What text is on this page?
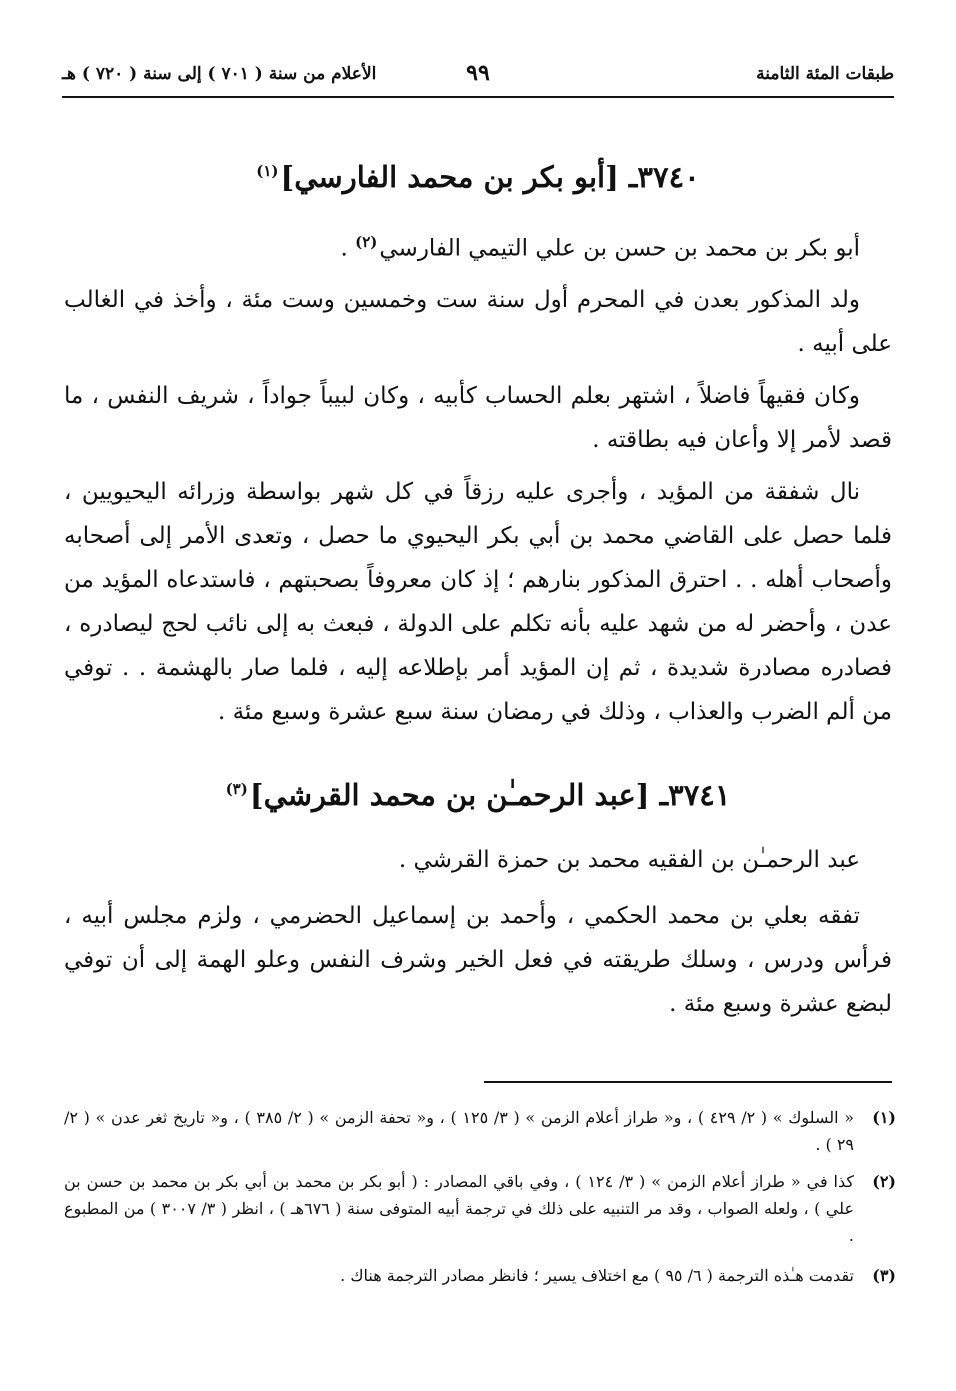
طبقات المئة الثامنة
٩٩
الأعلام من سنة ( ٧٠١ ) إلى سنة ( ٧٢٠ ) هـ
٣٧٤٠ـ [أبو بكر بن محمد الفارسي]$^{(١)}$

أبو بكر بن محمد بن حسن بن علي التيمي الفارسي$^{(٢)}$ .

ولد المذكور بعدن في المحرم أول سنة ست وخمسين وست مئة ، وأخذ في الغالب على أبيه .

وكان فقيهاً فاضلاً ، اشتهر بعلم الحساب كأبيه ، وكان لبيباً جواداً ، شريف النفس ، ما قصد لأمر إلا وأعان فيه بطاقته .

نال شفقة من المؤيد ، وأجرى عليه رزقاً في كل شهر بواسطة وزرائه اليحيويين ، فلما حصل على القاضي محمد بن أبي بكر اليحيوي ما حصل ، وتعدى الأمر إلى أصحابه وأصحاب أهله . . احترق المذكور بنارهم ؛ إذ كان معروفاً بصحبتهم ، فاستدعاه المؤيد من عدن ، وأحضر له من شهد عليه بأنه تكلم على الدولة ، فبعث به إلى نائب لحج ليصادره ، فصادره مصادرة شديدة ، ثم إن المؤيد أمر بإطلاعه إليه ، فلما صار بالهشمة . . توفي من ألم الضرب والعذاب ، وذلك في رمضان سنة سبع عشرة وسبع مئة .

٣٧٤١ـ [عبد الرحمـٰن بن محمد القرشي]$^{(٣)}$

عبد الرحمـٰن بن الفقيه محمد بن حمزة القرشي .

تفقه بعلي بن محمد الحكمي ، وأحمد بن إسماعيل الحضرمي ، ولزم مجلس أبيه ، فرأس ودرس ، وسلك طريقته في فعل الخير وشرف النفس وعلو الهمة إلى أن توفي لبضع عشرة وسبع مئة .

(١)
« السلوك » ( ٢/ ٤٢٩ ) ، و« طراز أعلام الزمن » ( ٣/ ١٢٥ ) ، و« تحفة الزمن » ( ٢/ ٣٨٥ ) ، و« تاريخ ثغر عدن » ( ٢/ ٢٩ ) .
(٢)
كذا في « طراز أعلام الزمن » ( ٣/ ١٢٤ ) ، وفي باقي المصادر : ( أبو بكر بن محمد بن أبي بكر بن محمد بن حسن بن علي ) ، ولعله الصواب ، وقد مر التنبيه على ذلك في ترجمة أبيه المتوفى سنة ( ٦٧٦هـ ) ، انظر ( ٣/ ٣٠٠٧ ) من المطبوع .
(٣)
تقدمت هـٰذه الترجمة ( ٦/ ٩٥ ) مع اختلاف يسير ؛ فانظر مصادر الترجمة هناك .
